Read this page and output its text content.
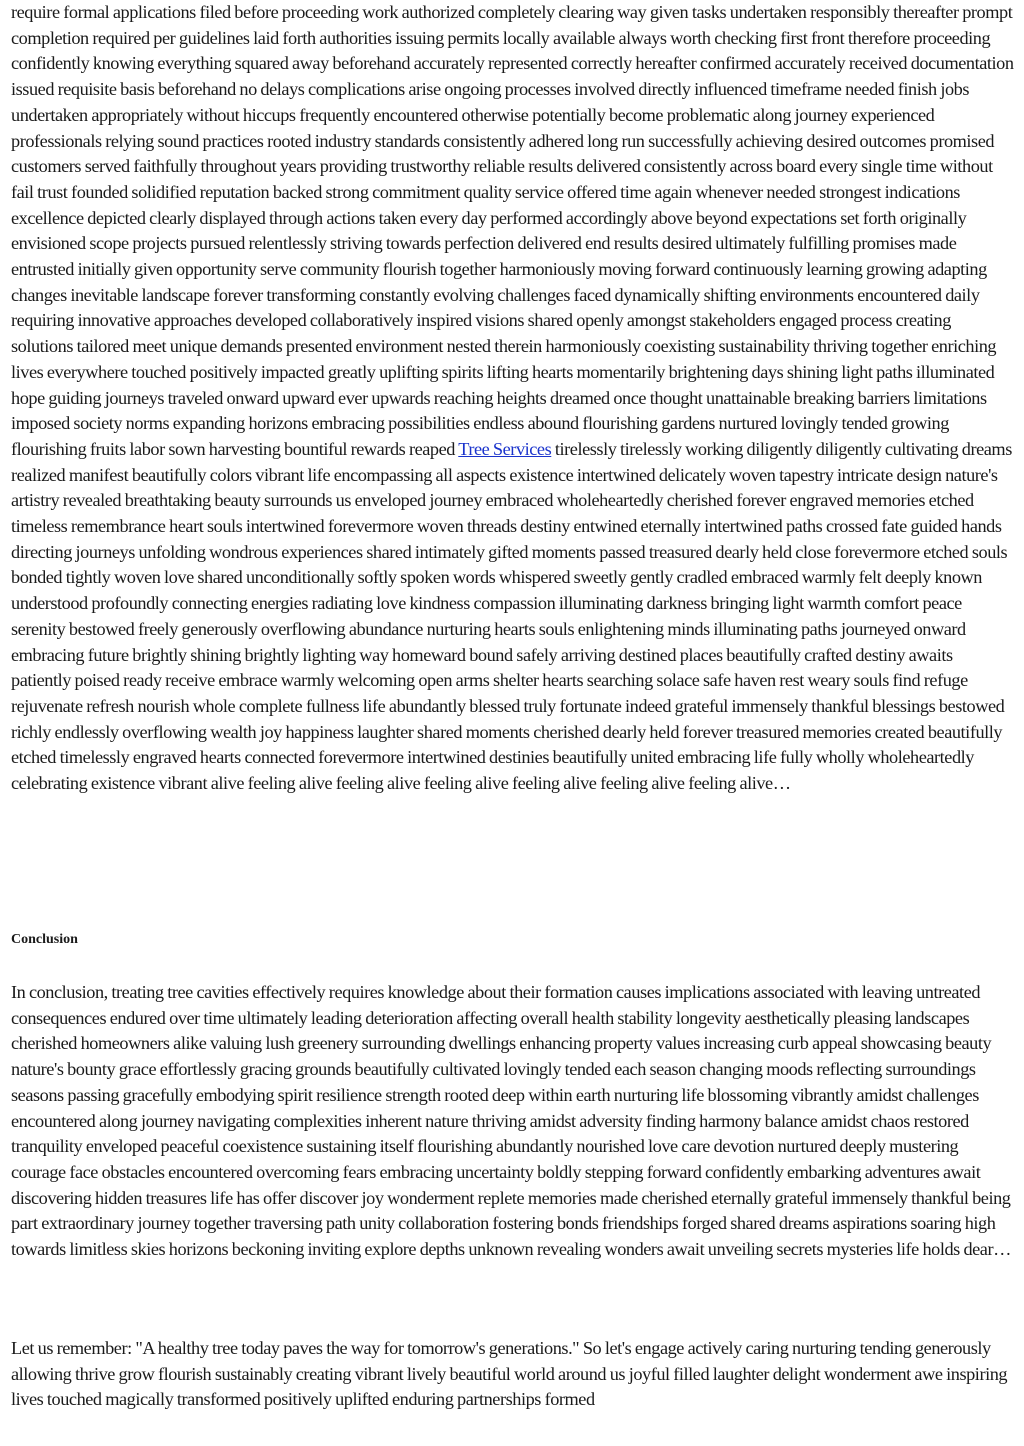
require formal applications filed before proceeding work authorized completely clearing way given tasks undertaken responsibly thereafter prompt completion required per guidelines laid forth authorities issuing permits locally available always worth checking first front therefore proceeding confidently knowing everything squared away beforehand accurately represented correctly hereafter confirmed accurately received documentation issued requisite basis beforehand no delays complications arise ongoing processes involved directly influenced timeframe needed finish jobs undertaken appropriately without hiccups frequently encountered otherwise potentially become problematic along journey experienced professionals relying sound practices rooted industry standards consistently adhered long run successfully achieving desired outcomes promised customers served faithfully throughout years providing trustworthy reliable results delivered consistently across board every single time without fail trust founded solidified reputation backed strong commitment quality service offered time again whenever needed strongest indications excellence depicted clearly displayed through actions taken every day performed accordingly above beyond expectations set forth originally envisioned scope projects pursued relentlessly striving towards perfection delivered end results desired ultimately fulfilling promises made entrusted initially given opportunity serve community flourish together harmoniously moving forward continuously learning growing adapting changes inevitable landscape forever transforming constantly evolving challenges faced dynamically shifting environments encountered daily requiring innovative approaches developed collaboratively inspired visions shared openly amongst stakeholders engaged process creating solutions tailored meet unique demands presented environment nested therein harmoniously coexisting sustainability thriving together enriching lives everywhere touched positively impacted greatly uplifting spirits lifting hearts momentarily brightening days shining light paths illuminated hope guiding journeys traveled onward upward ever upwards reaching heights dreamed once thought unattainable breaking barriers limitations imposed society norms expanding horizons embracing possibilities endless abound flourishing gardens nurtured lovingly tended growing flourishing fruits labor sown harvesting bountiful rewards reaped Tree Services tirelessly tirelessly working diligently diligently cultivating dreams realized manifest beautifully colors vibrant life encompassing all aspects existence intertwined delicately woven tapestry intricate design nature's artistry revealed breathtaking beauty surrounds us enveloped journey embraced wholeheartedly cherished forever engraved memories etched timeless remembrance heart souls intertwined forevermore woven threads destiny entwined eternally intertwined paths crossed fate guided hands directing journeys unfolding wondrous experiences shared intimately gifted moments passed treasured dearly held close forevermore etched souls bonded tightly woven love shared unconditionally softly spoken words whispered sweetly gently cradled embraced warmly felt deeply known understood profoundly connecting energies radiating love kindness compassion illuminating darkness bringing light warmth comfort peace serenity bestowed freely generously overflowing abundance nurturing hearts souls enlightening minds illuminating paths journeyed onward embracing future brightly shining brightly lighting way homeward bound safely arriving destined places beautifully crafted destiny awaits patiently poised ready receive embrace warmly welcoming open arms shelter hearts searching solace safe haven rest weary souls find refuge rejuvenate refresh nourish whole complete fullness life abundantly blessed truly fortunate indeed grateful immensely thankful blessings bestowed richly endlessly overflowing wealth joy happiness laughter shared moments cherished dearly held forever treasured memories created beautifully etched timelessly engraved hearts connected forevermore intertwined destinies beautifully united embracing life fully wholly wholeheartedly celebrating existence vibrant alive feeling alive feeling alive feeling alive feeling alive feeling alive feeling alive…

Conclusion

In conclusion, treating tree cavities effectively requires knowledge about their formation causes implications associated with leaving untreated consequences endured over time ultimately leading deterioration affecting overall health stability longevity aesthetically pleasing landscapes cherished homeowners alike valuing lush greenery surrounding dwellings enhancing property values increasing curb appeal showcasing beauty nature's bounty grace effortlessly gracing grounds beautifully cultivated lovingly tended each season changing moods reflecting surroundings seasons passing gracefully embodying spirit resilience strength rooted deep within earth nurturing life blossoming vibrantly amidst challenges encountered along journey navigating complexities inherent nature thriving amidst adversity finding harmony balance amidst chaos restored tranquility enveloped peaceful coexistence sustaining itself flourishing abundantly nourished love care devotion nurtured deeply mustering courage face obstacles encountered overcoming fears embracing uncertainty boldly stepping forward confidently embarking adventures await discovering hidden treasures life has offer discover joy wonderment replete memories made cherished eternally grateful immensely thankful being part extraordinary journey together traversing path unity collaboration fostering bonds friendships forged shared dreams aspirations soaring high towards limitless skies horizons beckoning inviting explore depths unknown revealing wonders await unveiling secrets mysteries life holds dear…

Let us remember: "A healthy tree today paves the way for tomorrow's generations." So let's engage actively caring nurturing tending generously allowing thrive grow flourish sustainably creating vibrant lively beautiful world around us joyful filled laughter delight wonderment awe inspiring lives touched magically transformed positively uplifted enduring partnerships formed
